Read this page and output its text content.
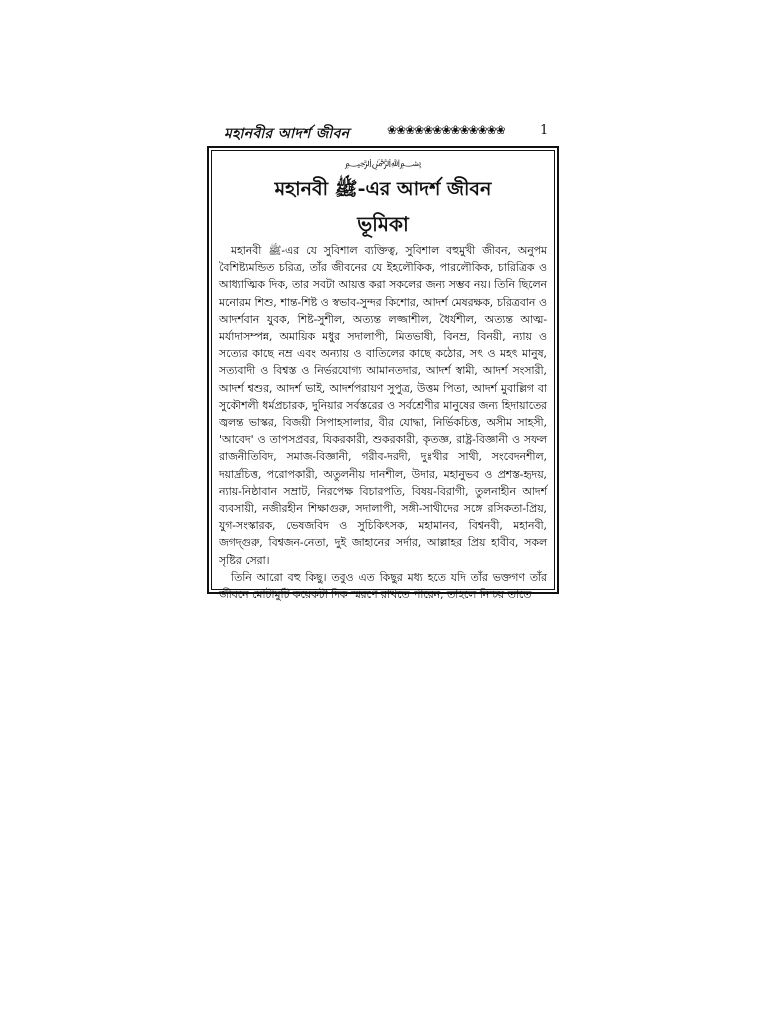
মহানবীর আদর্শ জীবন	❀❀❀❀❀❀❀❀❀❀❀❀❀	1
﷽
মহানবী ﷺ-এর আদর্শ জীবন
ভূমিকা

মহানবী ﷺ-এর যে সুবিশাল ব্যক্তিত্ব, সুবিশাল বহুমুখী জীবন, অনুপম বৈশিষ্ট্যমন্ডিত চরিত্র, তাঁর জীবনের যে ইহলৌকিক, পারলৌকিক, চারিত্রিক ও আধ্যাত্মিক দিক, তার সবটা আয়ত্ত করা সকলের জন্য সম্ভব নয়। তিনি ছিলেন মনোরম শিশু, শান্ত-শিষ্ট ও স্বভাব-সুন্দর কিশোর, আদর্শ মেষরক্ষক, চরিত্রবান ও আদর্শবান যুবক, শিষ্ট-সুশীল, অত্যন্ত লজ্জাশীল, ধৈর্যশীল, অত্যন্ত আত্ম-মর্যাদাসম্পন্ন, অমায়িক মধুর সদালাপী, মিতভাষী, বিনম্র, বিনয়ী, ন্যায় ও সত্যের কাছে নম্র এবং অন্যায় ও বাতিলের কাছে কঠোর, সৎ ও মহৎ মানুষ, সত্যবাদী ও বিশ্বস্ত ও নির্ভরযোগ্য আমানতদার, আদর্শ স্বামী, আদর্শ সংসারী, আদর্শ শ্বশুর, আদর্শ ভাই, আদর্শপরায়ণ সুপুত্র, উত্তম পিতা, আদর্শ মুবাল্লিগ বা সুকৌশলী ধর্মপ্রচারক, দুনিয়ার সর্বস্তরের ও সর্বশ্রেণীর মানুষের জন্য হিদায়াতের জ্বলন্ত ভাস্কর, বিজয়ী সিপাহসালার, বীর যোদ্ধা, নির্ভিকচিত্ত, অসীম সাহসী, 'আবেদ' ও তাপসপ্রবর, যিকরকারী, শুকরকারী, কৃতজ্ঞ, রাষ্ট্র-বিজ্ঞানী ও সফল রাজনীতিবিদ, সমাজ-বিজ্ঞানী, গরীব-দরদী, দুঃখীর সাথী, সংবেদনশীল, দয়ার্দ্রচিত্ত, পরোপকারী, অতুলনীয় দানশীল, উদার, মহানুভব ও প্রশস্ত-হৃদয়, ন্যায়-নিষ্ঠাবান সম্রাট, নিরপেক্ষ বিচারপতি, বিষয়-বিরাগী, তুলনাহীন আদর্শ ব্যবসায়ী, নজীরহীন শিক্ষাগুরু, সদালাপী, সঙ্গী-সাথীদের সঙ্গে রসিকতা-প্রিয়, যুগ-সংস্কারক, ভেষজবিদ ও সুচিকিৎসক, মহামানব, বিশ্বনবী, মহানবী, জগদ্গুরু, বিশ্বজন-নেতা, দুই জাহানের সর্দার, আল্লাহর প্রিয় হাবীব, সকল সৃষ্টির সেরা।

তিনি আরো বহু কিছু। তবুও এত কিছুর মধ্য হতে যদি তাঁর ভক্তগণ তাঁর জীবনে মোটামুটি কয়েকটা দিক স্মরণে রাখতে পারেন, তাহলে নিশ্চয় তাতে
